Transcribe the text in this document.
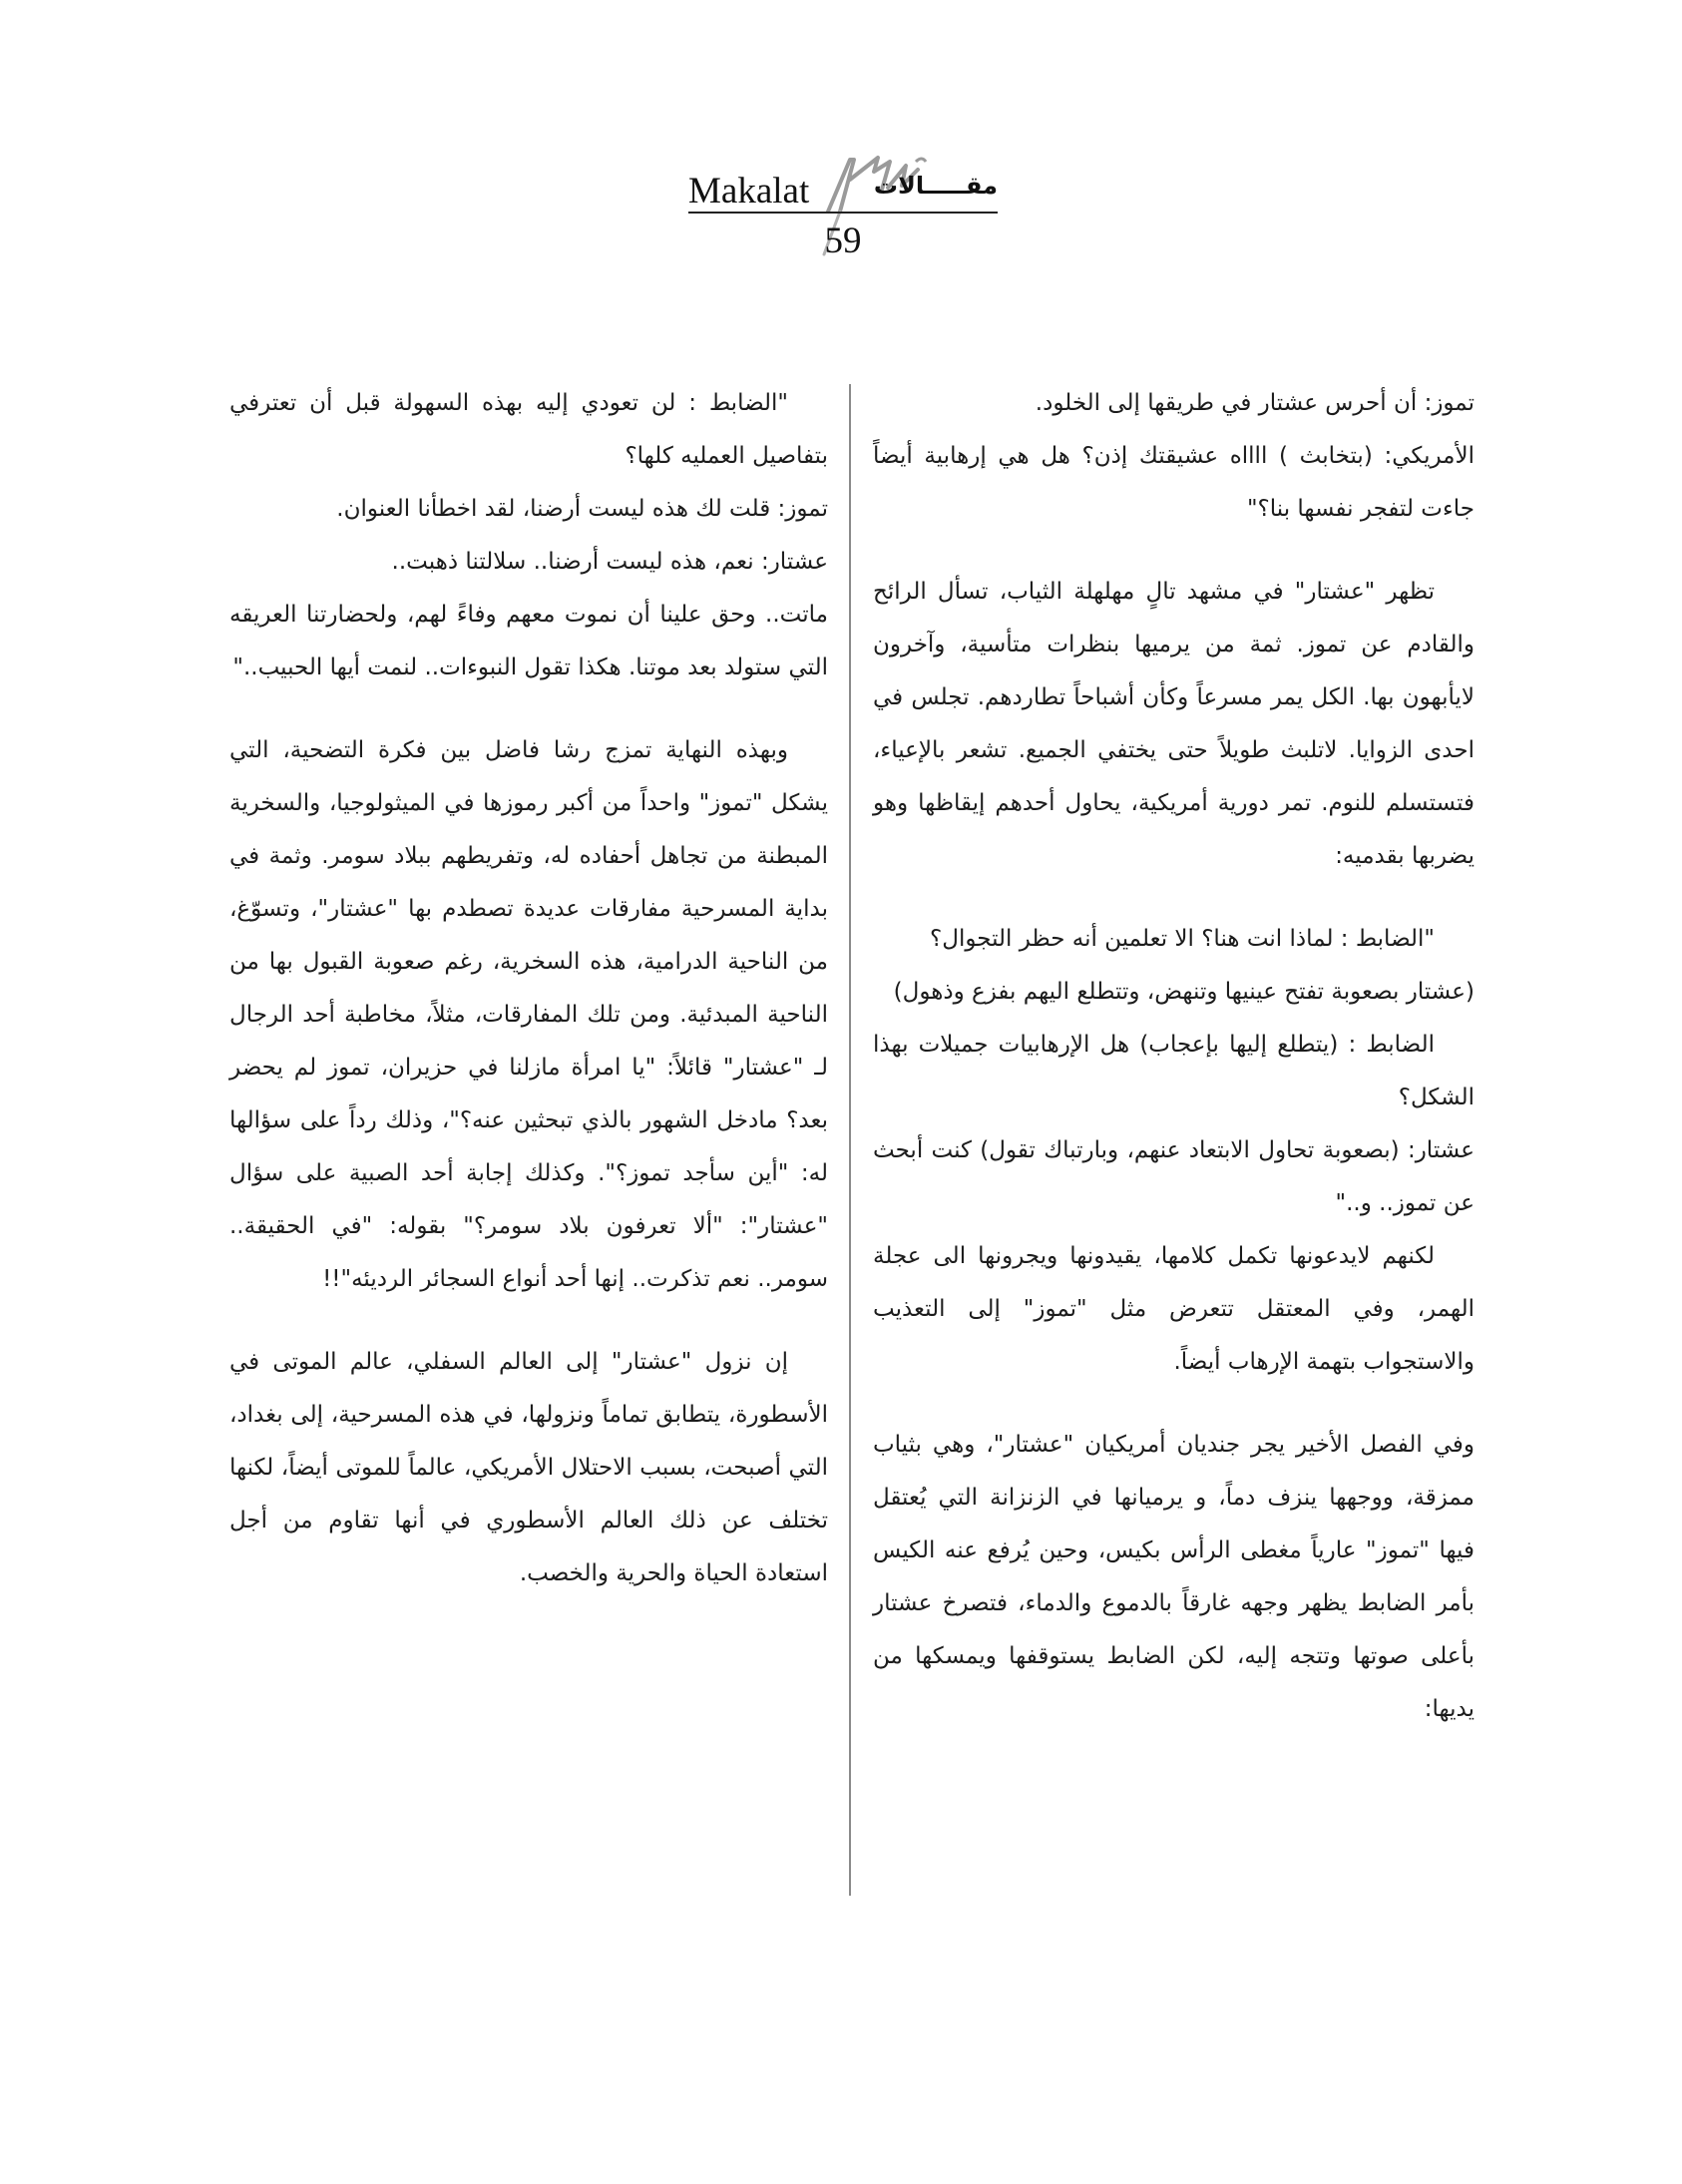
Makalat	مقـــــالات
59

تموز: أن أحرس عشتار في طريقها إلى الخلود.

الأمريكي: (بتخابث ) ااااه عشيقتك إذن؟ هل هي إرهابية أيضاً جاءت لتفجر نفسها بنا؟"

تظهر "عشتار" في مشهد تالٍ مهلهلة الثياب، تسأل الرائح والقادم عن تموز. ثمة من يرميها بنظرات متأسية، وآخرون لايأبهون بها. الكل يمر مسرعاً وكأن أشباحاً تطاردهم. تجلس في احدى الزوايا. لاتلبث طويلاً حتى يختفي الجميع. تشعر بالإعياء، فتستسلم للنوم. تمر دورية أمريكية، يحاول أحدهم إيقاظها وهو يضربها بقدميه:

"الضابط : لماذا انت هنا؟ الا تعلمين أنه حظر التجوال؟

(عشتار بصعوبة تفتح عينيها وتنهض، وتتطلع اليهم بفزع وذهول)

الضابط : (يتطلع إليها بإعجاب) هل الإرهابيات جميلات بهذا الشكل؟

عشتار: (بصعوبة تحاول الابتعاد عنهم، وبارتباك تقول) كنت أبحث عن تموز.. و.."

لكنهم لايدعونها تكمل كلامها، يقيدونها ويجرونها الى عجلة الهمر، وفي المعتقل تتعرض مثل "تموز" إلى التعذيب والاستجواب بتهمة الإرهاب أيضاً.

وفي الفصل الأخير يجر جنديان أمريكيان "عشتار"، وهي بثياب ممزقة، ووجهها ينزف دماً، و يرميانها في الزنزانة التي يُعتقل فيها "تموز" عارياً مغطى الرأس بكيس، وحين يُرفع عنه الكيس بأمر الضابط يظهر وجهه غارقاً بالدموع والدماء، فتصرخ عشتار بأعلى صوتها وتتجه إليه، لكن الضابط يستوقفها ويمسكها من يديها:

"الضابط : لن تعودي إليه بهذه السهولة قبل أن تعترفي بتفاصيل العمليه كلها؟

تموز: قلت لك هذه ليست أرضنا، لقد اخطأنا العنوان.

عشتار: نعم، هذه ليست أرضنا.. سلالتنا ذهبت..

ماتت.. وحق علينا أن نموت معهم وفاءً لهم، ولحضارتنا العريقه التي ستولد بعد موتنا. هكذا تقول النبوءات.. لنمت أيها الحبيب.."

وبهذه النهاية تمزج رشا فاضل بين فكرة التضحية، التي يشكل "تموز" واحداً من أكبر رموزها في الميثولوجيا، والسخرية المبطنة من تجاهل أحفاده له، وتفريطهم ببلاد سومر. وثمة في بداية المسرحية مفارقات عديدة تصطدم بها "عشتار"، وتسوّغ، من الناحية الدرامية، هذه السخرية، رغم صعوبة القبول بها من الناحية المبدئية. ومن تلك المفارقات، مثلاً، مخاطبة أحد الرجال لـ "عشتار" قائلاً: "يا امرأة مازلنا في حزيران، تموز لم يحضر بعد؟ مادخل الشهور بالذي تبحثين عنه؟"، وذلك رداً على سؤالها له: "أين سأجد تموز؟". وكذلك إجابة أحد الصبية على سؤال "عشتار": "ألا تعرفون بلاد سومر؟" بقوله: "في الحقيقة.. سومر.. نعم تذكرت.. إنها أحد أنواع السجائر الرديئه"!!

إن نزول "عشتار" إلى العالم السفلي، عالم الموتى في الأسطورة، يتطابق تماماً ونزولها، في هذه المسرحية، إلى بغداد، التي أصبحت، بسبب الاحتلال الأمريكي، عالماً للموتى أيضاً، لكنها تختلف عن ذلك العالم الأسطوري في أنها تقاوم من أجل استعادة الحياة والحرية والخصب.
